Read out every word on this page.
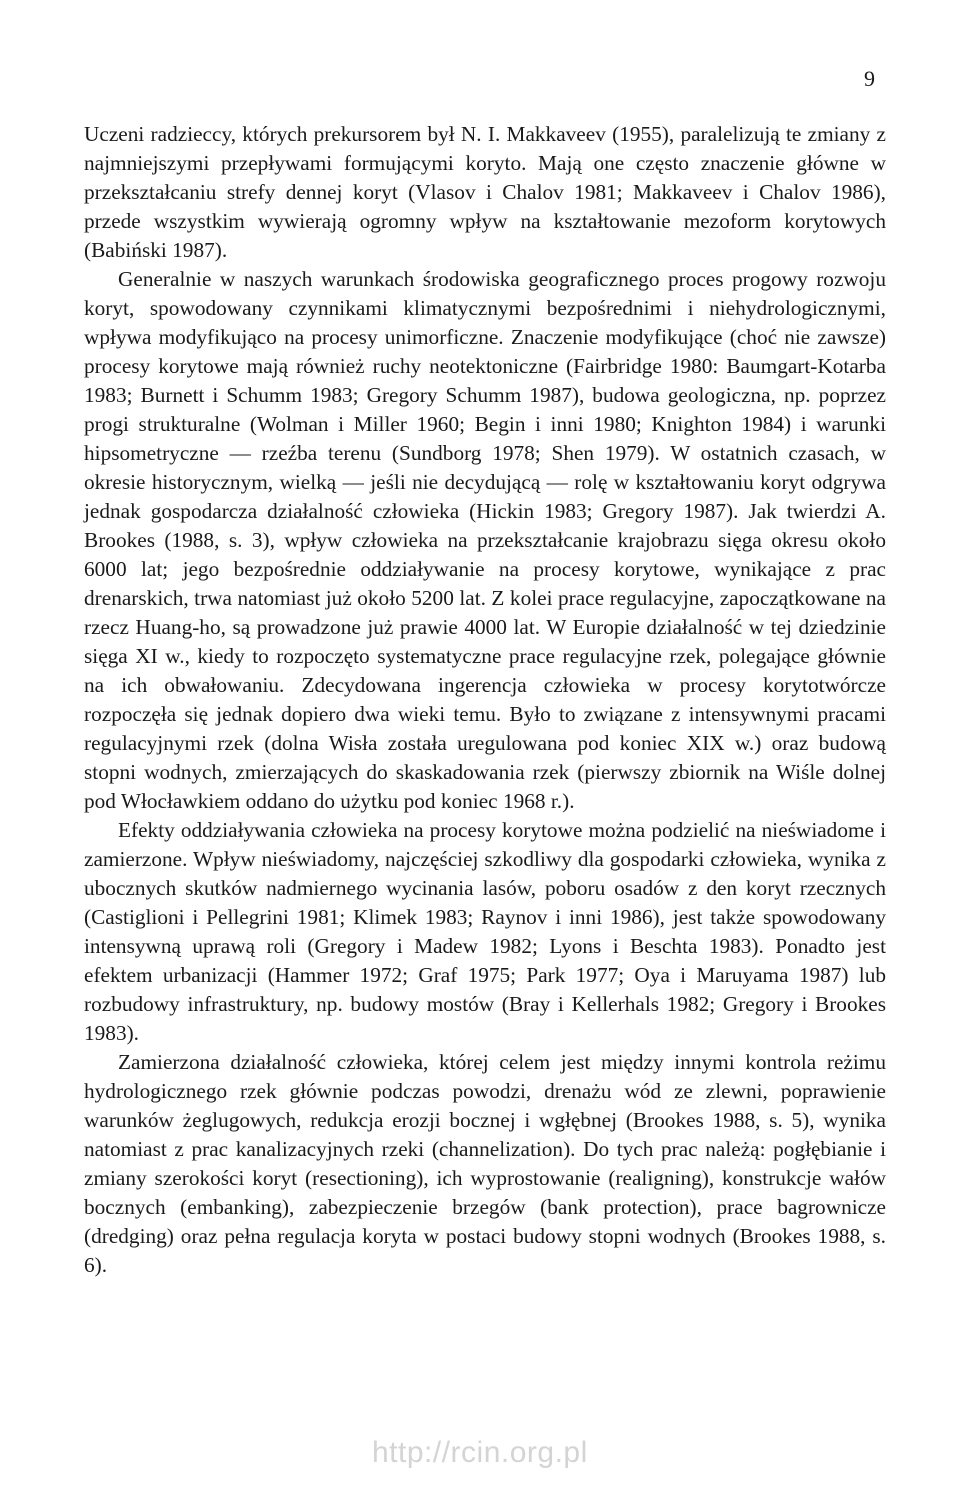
9

Uczeni radzieccy, których prekursorem był N. I. Makkaveev (1955), paralelizują te zmiany z najmniejszymi przepływami formującymi koryto. Mają one często znaczenie główne w przekształcaniu strefy dennej koryt (Vlasov i Chalov 1981; Makkaveev i Chalov 1986), przede wszystkim wywierają ogromny wpływ na kształtowanie mezoform korytowych (Babiński 1987).

Generalnie w naszych warunkach środowiska geograficznego proces progowy rozwoju koryt, spowodowany czynnikami klimatycznymi bezpośrednimi i niehydrologicznymi, wpływa modyfikująco na procesy unimorficzne. Znaczenie modyfikujące (choć nie zawsze) procesy korytowe mają również ruchy neotektoniczne (Fairbridge 1980: Baumgart-Kotarba 1983; Burnett i Schumm 1983; Gregory Schumm 1987), budowa geologiczna, np. poprzez progi strukturalne (Wolman i Miller 1960; Begin i inni 1980; Knighton 1984) i warunki hipsometryczne — rzeźba terenu (Sundborg 1978; Shen 1979). W ostatnich czasach, w okresie historycznym, wielką — jeśli nie decydującą — rolę w kształtowaniu koryt odgrywa jednak gospodarcza działalność człowieka (Hickin 1983; Gregory 1987). Jak twierdzi A. Brookes (1988, s. 3), wpływ człowieka na przekształcanie krajobrazu sięga okresu około 6000 lat; jego bezpośrednie oddziaływanie na procesy korytowe, wynikające z prac drenarskich, trwa natomiast już około 5200 lat. Z kolei prace regulacyjne, zapoczątkowane na rzecz Huang-ho, są prowadzone już prawie 4000 lat. W Europie działalność w tej dziedzinie sięga XI w., kiedy to rozpoczęto systematyczne prace regulacyjne rzek, polegające głównie na ich obwałowaniu. Zdecydowana ingerencja człowieka w procesy korytotwórcze rozpoczęła się jednak dopiero dwa wieki temu. Było to związane z intensywnymi pracami regulacyjnymi rzek (dolna Wisła została uregulowana pod koniec XIX w.) oraz budową stopni wodnych, zmierzających do skaskadowania rzek (pierwszy zbiornik na Wiśle dolnej pod Włocławkiem oddano do użytku pod koniec 1968 r.).

Efekty oddziaływania człowieka na procesy korytowe można podzielić na nieświadome i zamierzone. Wpływ nieświadomy, najczęściej szkodliwy dla gospodarki człowieka, wynika z ubocznych skutków nadmiernego wycinania lasów, poboru osadów z den koryt rzecznych (Castiglioni i Pellegrini 1981; Klimek 1983; Raynov i inni 1986), jest także spowodowany intensywną uprawą roli (Gregory i Madew 1982; Lyons i Beschta 1983). Ponadto jest efektem urbanizacji (Hammer 1972; Graf 1975; Park 1977; Oya i Maruyama 1987) lub rozbudowy infrastruktury, np. budowy mostów (Bray i Kellerhals 1982; Gregory i Brookes 1983).

Zamierzona działalność człowieka, której celem jest między innymi kontrola reżimu hydrologicznego rzek głównie podczas powodzi, drenażu wód ze zlewni, poprawienie warunków żeglugowych, redukcja erozji bocznej i wgłębnej (Brookes 1988, s. 5), wynika natomiast z prac kanalizacyjnych rzeki (channelization). Do tych prac należą: pogłębianie i zmiany szerokości koryt (resectioning), ich wyprostowanie (realigning), konstrukcje wałów bocznych (embanking), zabezpieczenie brzegów (bank protection), prace bagrownicze (dredging) oraz pełna regulacja koryta w postaci budowy stopni wodnych (Brookes 1988, s. 6).

http://rcin.org.pl
